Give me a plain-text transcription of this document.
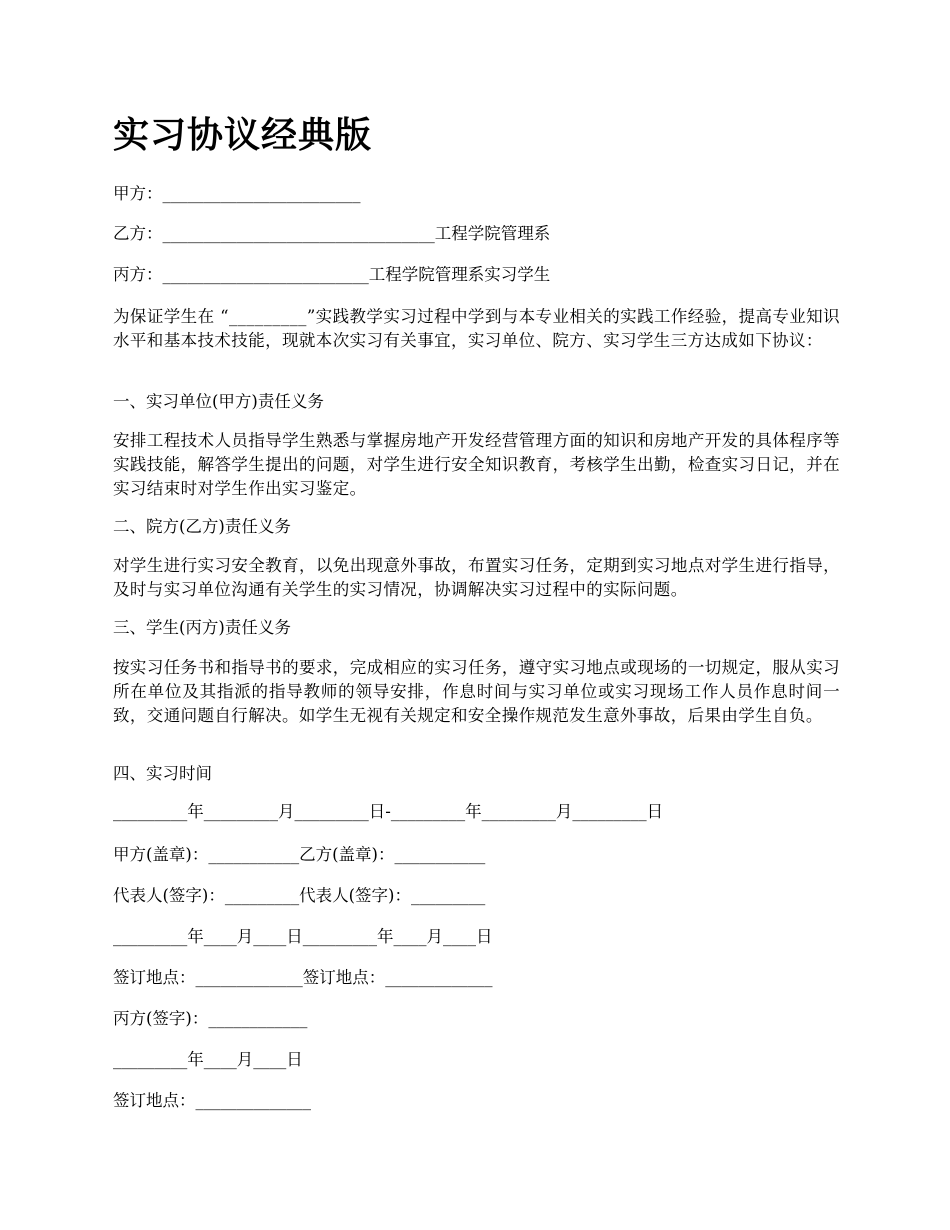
实习协议经典版
甲方：________________________
乙方：_________________________________工程学院管理系
丙方：_________________________工程学院管理系实习学生
为保证学生在 “_________”实践教学实习过程中学到与本专业相关的实践工作经验，提高专业知识水平和基本技术技能，现就本次实习有关事宜，实习单位、院方、实习学生三方达成如下协议：
一、实习单位(甲方)责任义务
安排工程技术人员指导学生熟悉与掌握房地产开发经营管理方面的知识和房地产开发的具体程序等实践技能，解答学生提出的问题，对学生进行安全知识教育，考核学生出勤，检查实习日记，并在实习结束时对学生作出实习鉴定。
二、院方(乙方)责任义务
对学生进行实习安全教育，以免出现意外事故，布置实习任务，定期到实习地点对学生进行指导，及时与实习单位沟通有关学生的实习情况，协调解决实习过程中的实际问题。
三、学生(丙方)责任义务
按实习任务书和指导书的要求，完成相应的实习任务，遵守实习地点或现场的一切规定，服从实习所在单位及其指派的指导教师的领导安排，作息时间与实习单位或实习现场工作人员作息时间一致，交通问题自行解决。如学生无视有关规定和安全操作规范发生意外事故，后果由学生自负。
四、实习时间
_________年_________月_________日-_________年_________月_________日
甲方(盖章)：___________乙方(盖章)：___________
代表人(签字)：_________代表人(签字)：_________
_________年____月____日_________年____月____日
签订地点：_____________签订地点：_____________
丙方(签字)：____________
_________年____月____日
签订地点：______________
